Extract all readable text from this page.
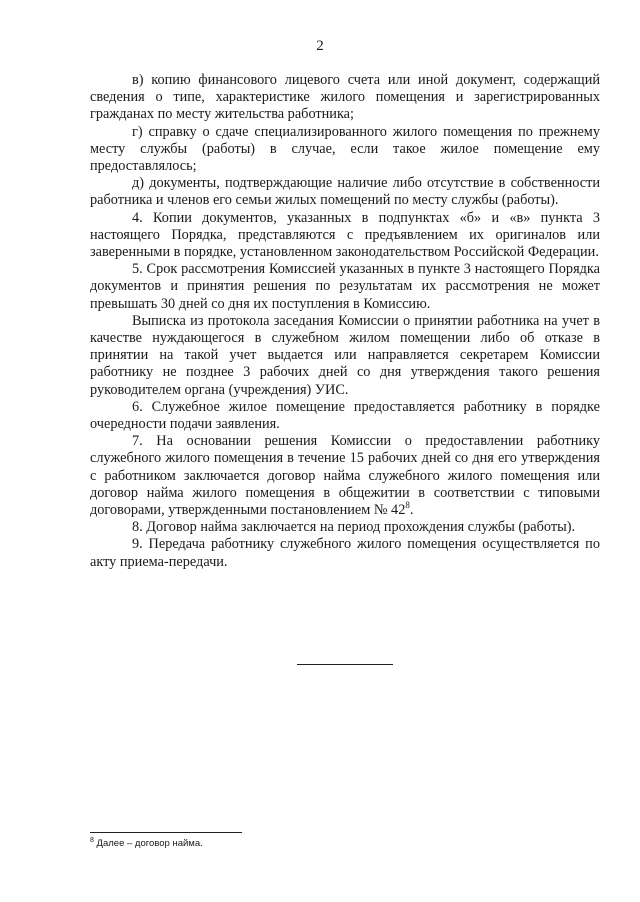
2

в) копию финансового лицевого счета или иной документ, содержащий сведения о типе, характеристике жилого помещения и зарегистрированных гражданах по месту жительства работника;

г) справку о сдаче специализированного жилого помещения по прежнему месту службы (работы) в случае, если такое жилое помещение ему предоставлялось;

д) документы, подтверждающие наличие либо отсутствие в собственности работника и членов его семьи жилых помещений по месту службы (работы).

4. Копии документов, указанных в подпунктах «б» и «в» пункта 3 настоящего Порядка, представляются с предъявлением их оригиналов или заверенными в порядке, установленном законодательством Российской Федерации.

5. Срок рассмотрения Комиссией указанных в пункте 3 настоящего Порядка документов и принятия решения по результатам их рассмотрения не может превышать 30 дней со дня их поступления в Комиссию.

Выписка из протокола заседания Комиссии о принятии работника на учет в качестве нуждающегося в служебном жилом помещении либо об отказе в принятии на такой учет выдается или направляется секретарем Комиссии работнику не позднее 3 рабочих дней со дня утверждения такого решения руководителем органа (учреждения) УИС.

6. Служебное жилое помещение предоставляется работнику в порядке очередности подачи заявления.

7. На основании решения Комиссии о предоставлении работнику служебного жилого помещения в течение 15 рабочих дней со дня его утверждения с работником заключается договор найма служебного жилого помещения или договор найма жилого помещения в общежитии в соответствии с типовыми договорами, утвержденными постановлением № $42^8$.

8. Договор найма заключается на период прохождения службы (работы).

9. Передача работнику служебного жилого помещения осуществляется по акту приема-передачи.

$^8$ Далее – договор найма.
